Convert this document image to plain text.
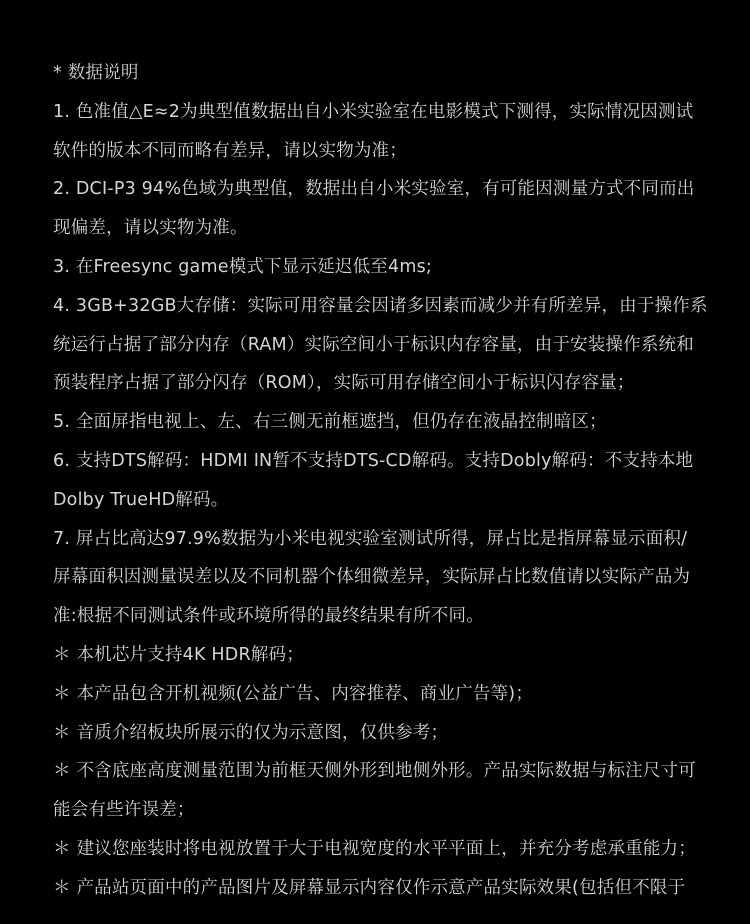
* 数据说明
1. 色准值△E≈2为典型值数据出自小米实验室在电影模式下测得，实际情况因测试
软件的版本不同而略有差异，请以实物为准；
2. DCI-P3 94%色域为典型值，数据出自小米实验室，有可能因测量方式不同而出
现偏差，请以实物为准。
3. 在Freesync game模式下显示延迟低至4ms;
4. 3GB+32GB大存储：实际可用容量会因诸多因素而减少并有所差异，由于操作系
统运行占据了部分内存（RAM）实际空间小于标识内存容量，由于安装操作系统和
预装程序占据了部分闪存（ROM），实际可用存储空间小于标识闪存容量；
5. 全面屏指电视上、左、右三侧无前框遮挡，但仍存在液晶控制暗区；
6. 支持DTS解码：HDMI IN暂不支持DTS-CD解码。支持Dobly解码：不支持本地
Dolby TrueHD解码。
7. 屏占比高达97.9%数据为小米电视实验室测试所得，屏占比是指屏幕显示面积/
屏幕面积因测量误差以及不同机器个体细微差异，实际屏占比数值请以实际产品为
准:根据不同测试条件或环境所得的最终结果有所不同。
＊ 本机芯片支持4K HDR解码；
＊ 本产品包含开机视频(公益广告、内容推荐、商业广告等)；
＊ 音质介绍板块所展示的仅为示意图，仅供参考；
＊ 不含底座高度测量范围为前框天侧外形到地侧外形。产品实际数据与标注尺寸可
能会有些许误差；
＊ 建议您座装时将电视放置于大于电视宽度的水平平面上，并充分考虑承重能力；
＊ 产品站页面中的产品图片及屏幕显示内容仅作示意产品实际效果(包括但不限于
